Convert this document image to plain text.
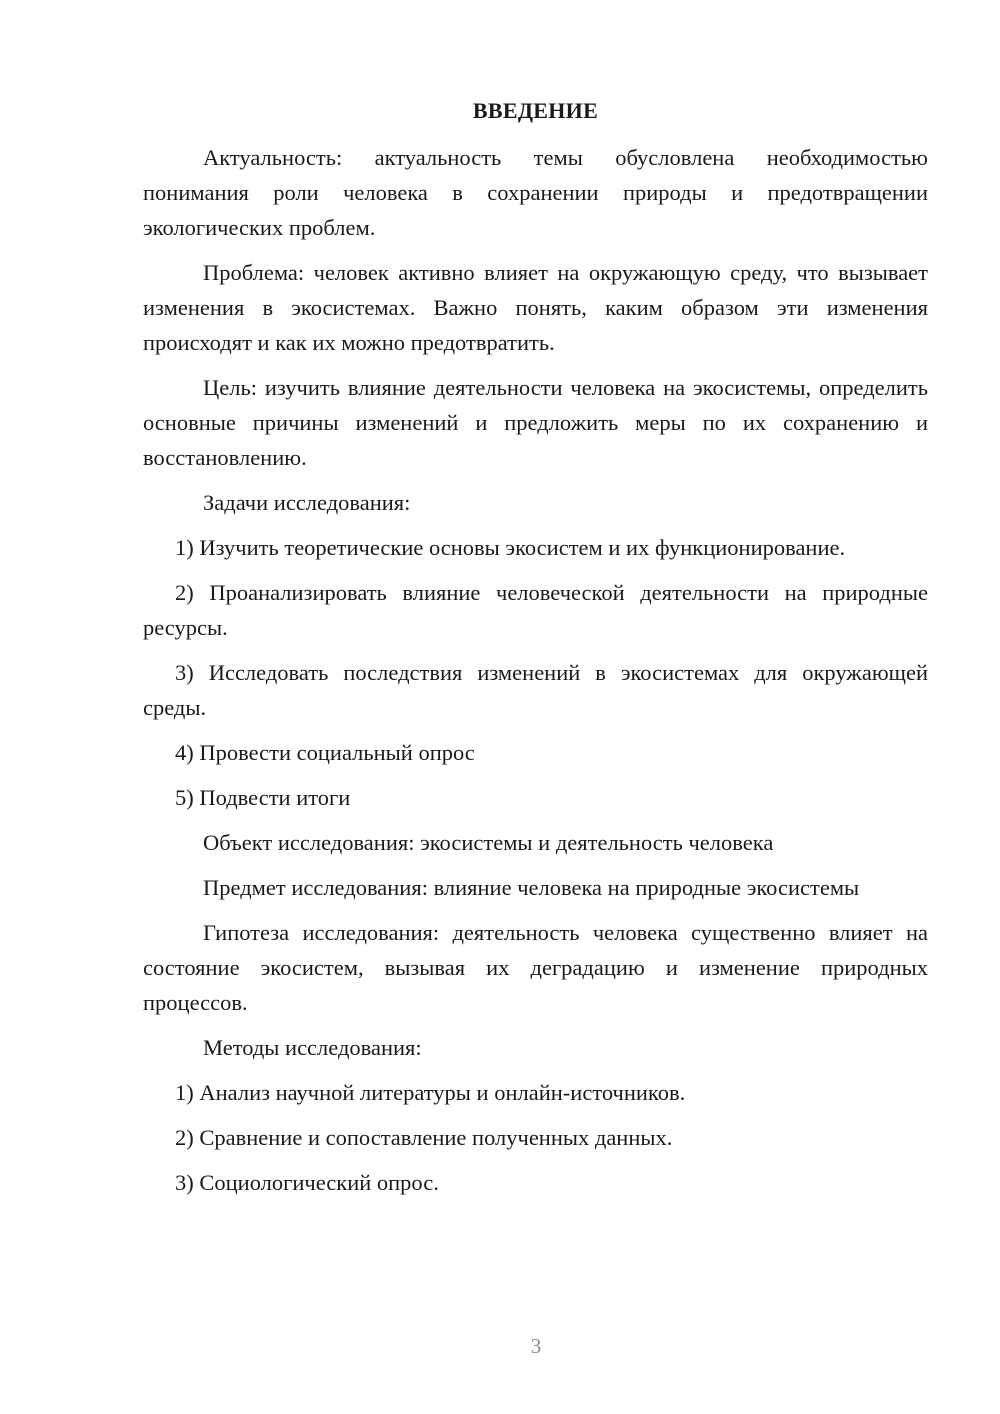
ВВЕДЕНИЕ

Актуальность: актуальность темы обусловлена необходимостью понимания роли человека в сохранении природы и предотвращении экологических проблем.

Проблема: человек активно влияет на окружающую среду, что вызывает изменения в экосистемах. Важно понять, каким образом эти изменения происходят и как их можно предотвратить.

Цель: изучить влияние деятельности человека на экосистемы, определить основные причины изменений и предложить меры по их сохранению и восстановлению.

Задачи исследования:

1) Изучить теоретические основы экосистем и их функционирование.

2) Проанализировать влияние человеческой деятельности на природные ресурсы.

3) Исследовать последствия изменений в экосистемах для окружающей среды.

4) Провести социальный опрос

5) Подвести итоги

Объект исследования: экосистемы и деятельность человека

Предмет исследования: влияние человека на природные экосистемы

Гипотеза исследования: деятельность человека существенно влияет на состояние экосистем, вызывая их деградацию и изменение природных процессов.

Методы исследования:

1) Анализ научной литературы и онлайн-источников.

2) Сравнение и сопоставление полученных данных.

3) Социологический опрос.

3
